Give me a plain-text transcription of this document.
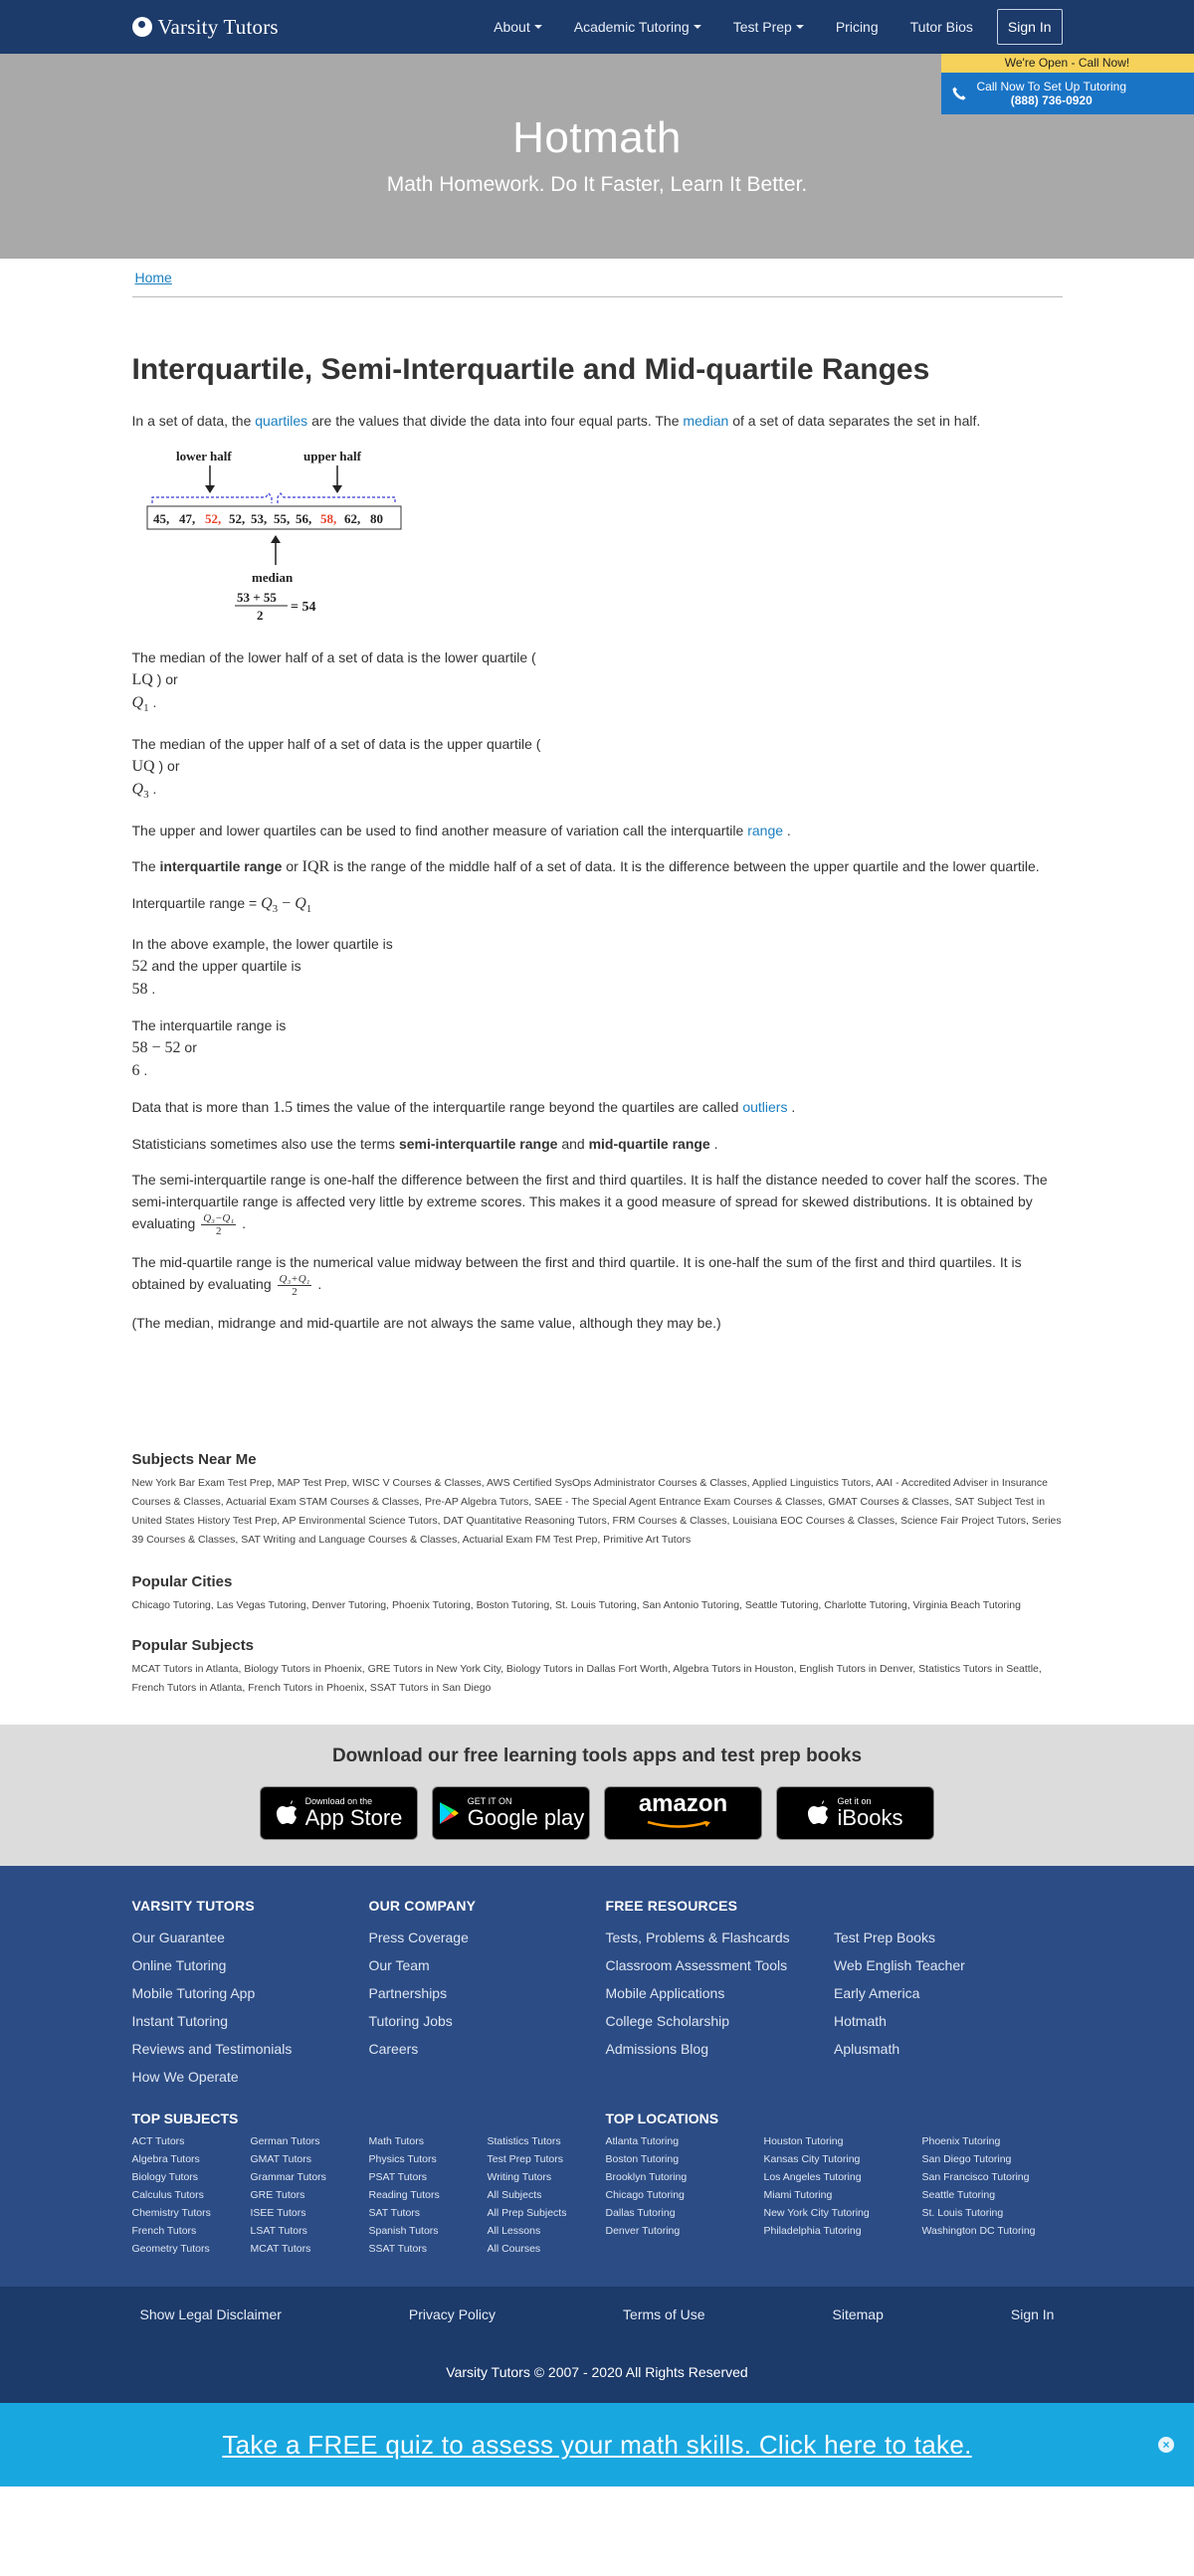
Varsity Tutors	About	Academic Tutoring	Test Prep	Pricing Tutor Bios	Sign In
We're Open - Call Now!
Call Now To Set Up Tutoring
(888) 736-0920
Hotmath

Math Homework. Do It Faster, Learn It Better.

Home
Interquartile, Semi-Interquartile and Mid-quartile Ranges

In a set of data, the quartiles are the values that divide the data into four equal parts. The median of a set of data separates the set in half.

lower half	upper half
45, 47, 52, 52, 53, 55, 56, 58, 62, 80
median
53 + 55
2
= 54

The median of the lower half of a set of data is the lower quartile (
LQ ) or
$Q_1$ .

The median of the upper half of a set of data is the upper quartile (
UQ ) or
$Q_3$ .

The upper and lower quartiles can be used to find another measure of variation call the interquartile range .

The interquartile range or IQR is the range of the middle half of a set of data. It is the difference between the upper quartile and the lower quartile.

Interquartile range = $Q_3 - Q_1$

In the above example, the lower quartile is
52 and the upper quartile is
58 .

The interquartile range is
58 − 52 or
6 .

Data that is more than 1.5 times the value of the interquartile range beyond the quartiles are called outliers .

Statisticians sometimes also use the terms semi-interquartile range and mid-quartile range .

The semi-interquartile range is one-half the difference between the first and third quartiles. It is half the distance needed to cover half the scores. The semi-interquartile range is affected very little by extreme scores. This makes it a good measure of spread for skewed distributions. It is obtained by evaluating $\frac{\text{Q₃−Q₁}}{2}$ .

The mid-quartile range is the numerical value midway between the first and third quartile. It is one-half the sum of the first and third quartiles. It is obtained by evaluating $\frac{\text{Q₃+Q₁}}{2}$ .

(The median, midrange and mid-quartile are not always the same value, although they may be.)

Subjects Near Me

New York Bar Exam Test Prep, MAP Test Prep, WISC V Courses & Classes, AWS Certified SysOps Administrator Courses & Classes, Applied Linguistics Tutors, AAI - Accredited Adviser in Insurance Courses & Classes, Actuarial Exam STAM Courses & Classes, Pre-AP Algebra Tutors, SAEE - The Special Agent Entrance Exam Courses & Classes, GMAT Courses & Classes, SAT Subject Test in United States History Test Prep, AP Environmental Science Tutors, DAT Quantitative Reasoning Tutors, FRM Courses & Classes, Louisiana EOC Courses & Classes, Science Fair Project Tutors, Series 39 Courses & Classes, SAT Writing and Language Courses & Classes, Actuarial Exam FM Test Prep, Primitive Art Tutors

Popular Cities

Chicago Tutoring, Las Vegas Tutoring, Denver Tutoring, Phoenix Tutoring, Boston Tutoring, St. Louis Tutoring, San Antonio Tutoring, Seattle Tutoring, Charlotte Tutoring, Virginia Beach Tutoring

Popular Subjects

MCAT Tutors in Atlanta, Biology Tutors in Phoenix, GRE Tutors in New York City, Biology Tutors in Dallas Fort Worth, Algebra Tutors in Houston, English Tutors in Denver, Statistics Tutors in Seattle, French Tutors in Atlanta, French Tutors in Phoenix, SSAT Tutors in San Diego

Download our free learning tools apps and test prep books
Download on the
App Store
GET IT ON
Google play
amazon	Get it on
iBooks
VARSITY TUTORS
Our Guarantee
Online Tutoring
Mobile Tutoring App
Instant Tutoring
Reviews and Testimonials
How We Operate
OUR COMPANY
Press Coverage
Our Team
Partnerships
Tutoring Jobs
Careers
FREE RESOURCES
Tests, Problems & Flashcards
Classroom Assessment Tools
Mobile Applications
College Scholarship
Admissions Blog
Test Prep Books
Web English Teacher
Early America
Hotmath
Aplusmath
TOP SUBJECTS
ACT Tutors
Algebra Tutors
Biology Tutors
Calculus Tutors
Chemistry Tutors
French Tutors
Geometry Tutors
German Tutors
GMAT Tutors
Grammar Tutors
GRE Tutors
ISEE Tutors
LSAT Tutors
MCAT Tutors
Math Tutors
Physics Tutors
PSAT Tutors
Reading Tutors
SAT Tutors
Spanish Tutors
SSAT Tutors
Statistics Tutors
Test Prep Tutors
Writing Tutors
All Subjects
All Prep Subjects
All Lessons
All Courses
TOP LOCATIONS
Atlanta Tutoring
Boston Tutoring
Brooklyn Tutoring
Chicago Tutoring
Dallas Tutoring
Denver Tutoring
Houston Tutoring
Kansas City Tutoring
Los Angeles Tutoring
Miami Tutoring
New York City Tutoring
Philadelphia Tutoring
Phoenix Tutoring
San Diego Tutoring
San Francisco Tutoring
Seattle Tutoring
St. Louis Tutoring
Washington DC Tutoring
Show Legal Disclaimer	Privacy Policy	Terms of Use	Sitemap	Sign In
Varsity Tutors © 2007 - 2020 All Rights Reserved
Take a FREE quiz to assess your math skills. Click here to take.	×
